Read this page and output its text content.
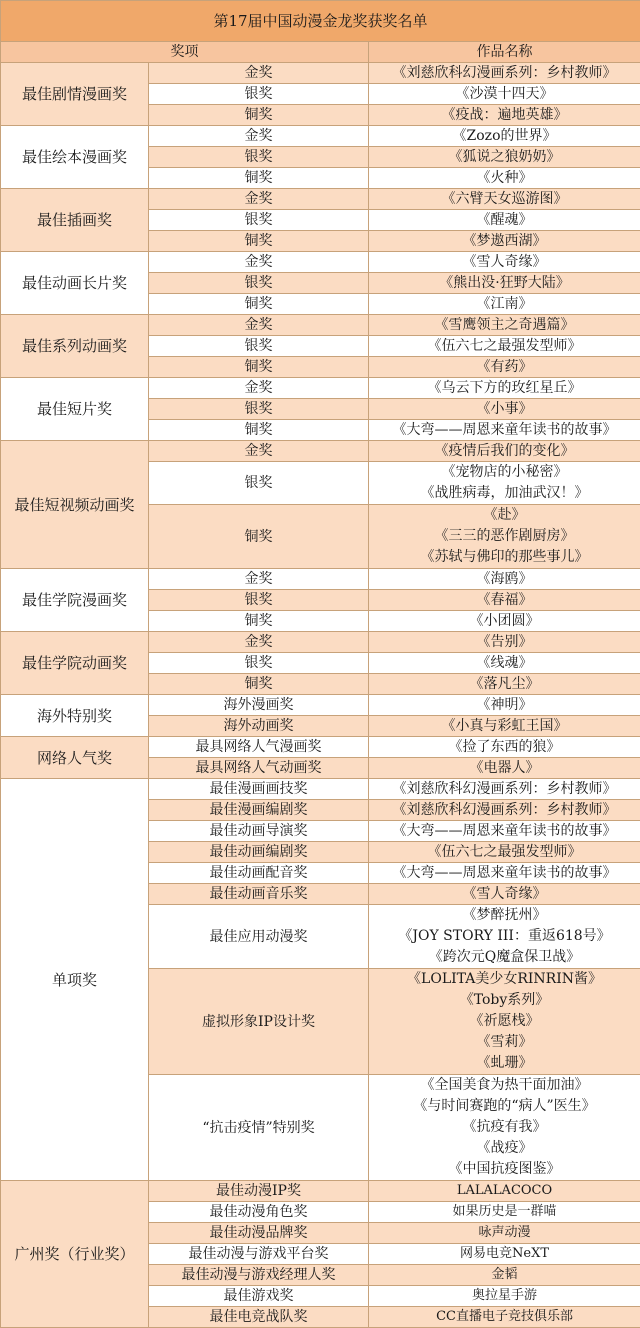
第17届中国动漫金龙奖获奖名单		
奖项		作品名称
最佳剧情漫画奖	金奖	《刘慈欣科幻漫画系列：乡村教师》
	银奖	《沙漠十四天》
	铜奖	《疫战：遍地英雄》
最佳绘本漫画奖	金奖	《Zozo的世界》
	银奖	《狐说之狼奶奶》
	铜奖	《火种》
最佳插画奖	金奖	《六臂天女巡游图》
	银奖	《醒魂》
	铜奖	《梦遨西湖》
最佳动画长片奖	金奖	《雪人奇缘》
	银奖	《熊出没·狂野大陆》
	铜奖	《江南》
最佳系列动画奖	金奖	《雪鹰领主之奇遇篇》
	银奖	《伍六七之最强发型师》
	铜奖	《有药》
最佳短片奖	金奖	《乌云下方的玫红星丘》
	银奖	《小事》
	铜奖	《大弯——周恩来童年读书的故事》
最佳短视频动画奖	金奖	《疫情后我们的变化》
	银奖	《宠物店的小秘密》
《战胜病毒，加油武汉！》

	铜奖	《赴》
《三三的恶作剧厨房》
《苏轼与佛印的那些事儿》

最佳学院漫画奖	金奖	《海鸥》
	银奖	《春福》
	铜奖	《小团圆》
最佳学院动画奖	金奖	《告别》
	银奖	《线魂》
	铜奖	《落凡尘》
海外特别奖	海外漫画奖	《神明》
	海外动画奖	《小真与彩虹王国》
网络人气奖	最具网络人气漫画奖	《捡了东西的狼》
	最具网络人气动画奖	《电器人》
单项奖	最佳漫画画技奖	《刘慈欣科幻漫画系列：乡村教师》
	最佳漫画编剧奖	《刘慈欣科幻漫画系列：乡村教师》
	最佳动画导演奖	《大弯——周恩来童年读书的故事》
	最佳动画编剧奖	《伍六七之最强发型师》
	最佳动画配音奖	《大弯——周恩来童年读书的故事》
	最佳动画音乐奖	《雪人奇缘》
	最佳应用动漫奖	《梦醉抚州》
《JOY STORY III：重返618号》
《跨次元Q魔盒保卫战》

	虚拟形象IP设计奖	《LOLITA美少女RINRIN酱》
《Toby系列》
《祈愿栈》
《雪莉》
《虬珊》

	“抗击疫情”特别奖	《全国美食为热干面加油》
《与时间赛跑的“病人”医生》
《抗疫有我》
《战疫》
《中国抗疫图鉴》

广州奖（行业奖）	最佳动漫IP奖	LALALACOCO
	最佳动漫角色奖	如果历史是一群喵
	最佳动漫品牌奖	咏声动漫
	最佳动漫与游戏平台奖	网易电竞NeXT
	最佳动漫与游戏经理人奖	金韬
	最佳游戏奖	奥拉星手游
	最佳电竞战队奖	CC直播电子竞技俱乐部
